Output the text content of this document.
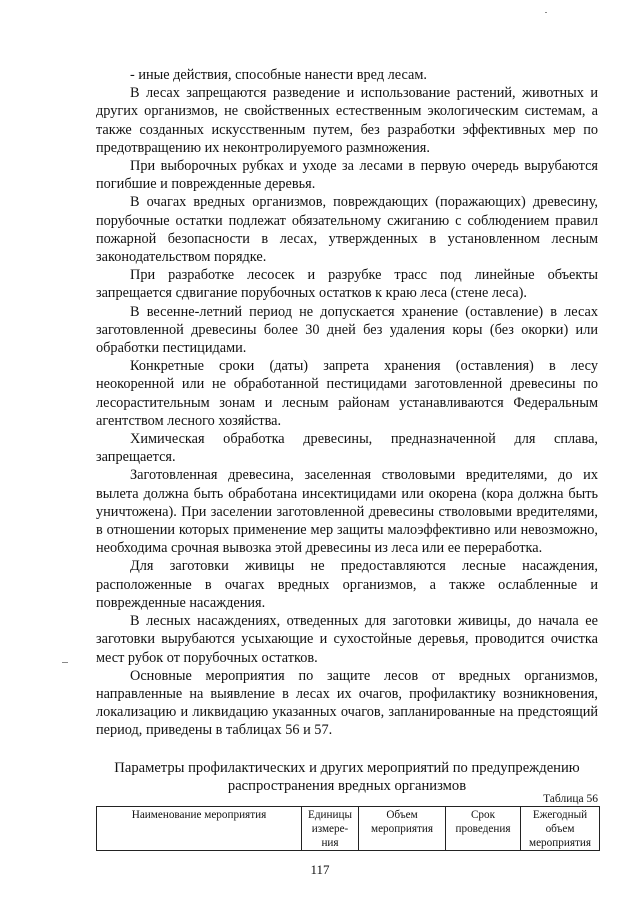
- иные действия, способные нанести вред лесам.

В лесах запрещаются разведение и использование растений, животных и других организмов, не свойственных естественным экологическим системам, а также созданных искусственным путем, без разработки эффективных мер по предотвращению их неконтролируемого размножения.

При выборочных рубках и уходе за лесами в первую очередь вырубаются погибшие и поврежденные деревья.

В очагах вредных организмов, повреждающих (поражающих) древесину, порубочные остатки подлежат обязательному сжиганию с соблюдением правил пожарной безопасности в лесах, утвержденных в установленном лесным законодательством порядке.

При разработке лесосек и разрубке трасс под линейные объекты запрещается сдвигание порубочных остатков к краю леса (стене леса).

В весенне-летний период не допускается хранение (оставление) в лесах заготовленной древесины более 30 дней без удаления коры (без окорки) или обработки пестицидами.

Конкретные сроки (даты) запрета хранения (оставления) в лесу неокоренной или не обработанной пестицидами заготовленной древесины по лесорастительным зонам и лесным районам устанавливаются Федеральным агентством лесного хозяйства.

Химическая обработка древесины, предназначенной для сплава, запрещается.

Заготовленная древесина, заселенная стволовыми вредителями, до их вылета должна быть обработана инсектицидами или окорена (кора должна быть уничтожена). При заселении заготовленной древесины стволовыми вредителями, в отношении которых применение мер защиты малоэффективно или невозможно, необходима срочная вывозка этой древесины из леса или ее переработка.

Для заготовки живицы не предоставляются лесные насаждения, расположенные в очагах вредных организмов, а также ослабленные и поврежденные насаждения.

В лесных насаждениях, отведенных для заготовки живицы, до начала ее заготовки вырубаются усыхающие и сухостойные деревья, проводится очистка мест рубок от порубочных остатков.

Основные мероприятия по защите лесов от вредных организмов, направленные на выявление в лесах их очагов, профилактику возникновения, локализацию и ликвидацию указанных очагов, запланированные на предстоящий период, приведены в таблицах 56 и 57.

Параметры профилактических и других мероприятий по предупреждению распространения вредных организмов
Таблица 56
Наименование мероприятия	Единицы измере-ния	Объем мероприятия	Срок проведения	Ежегодный объем мероприятия
117
